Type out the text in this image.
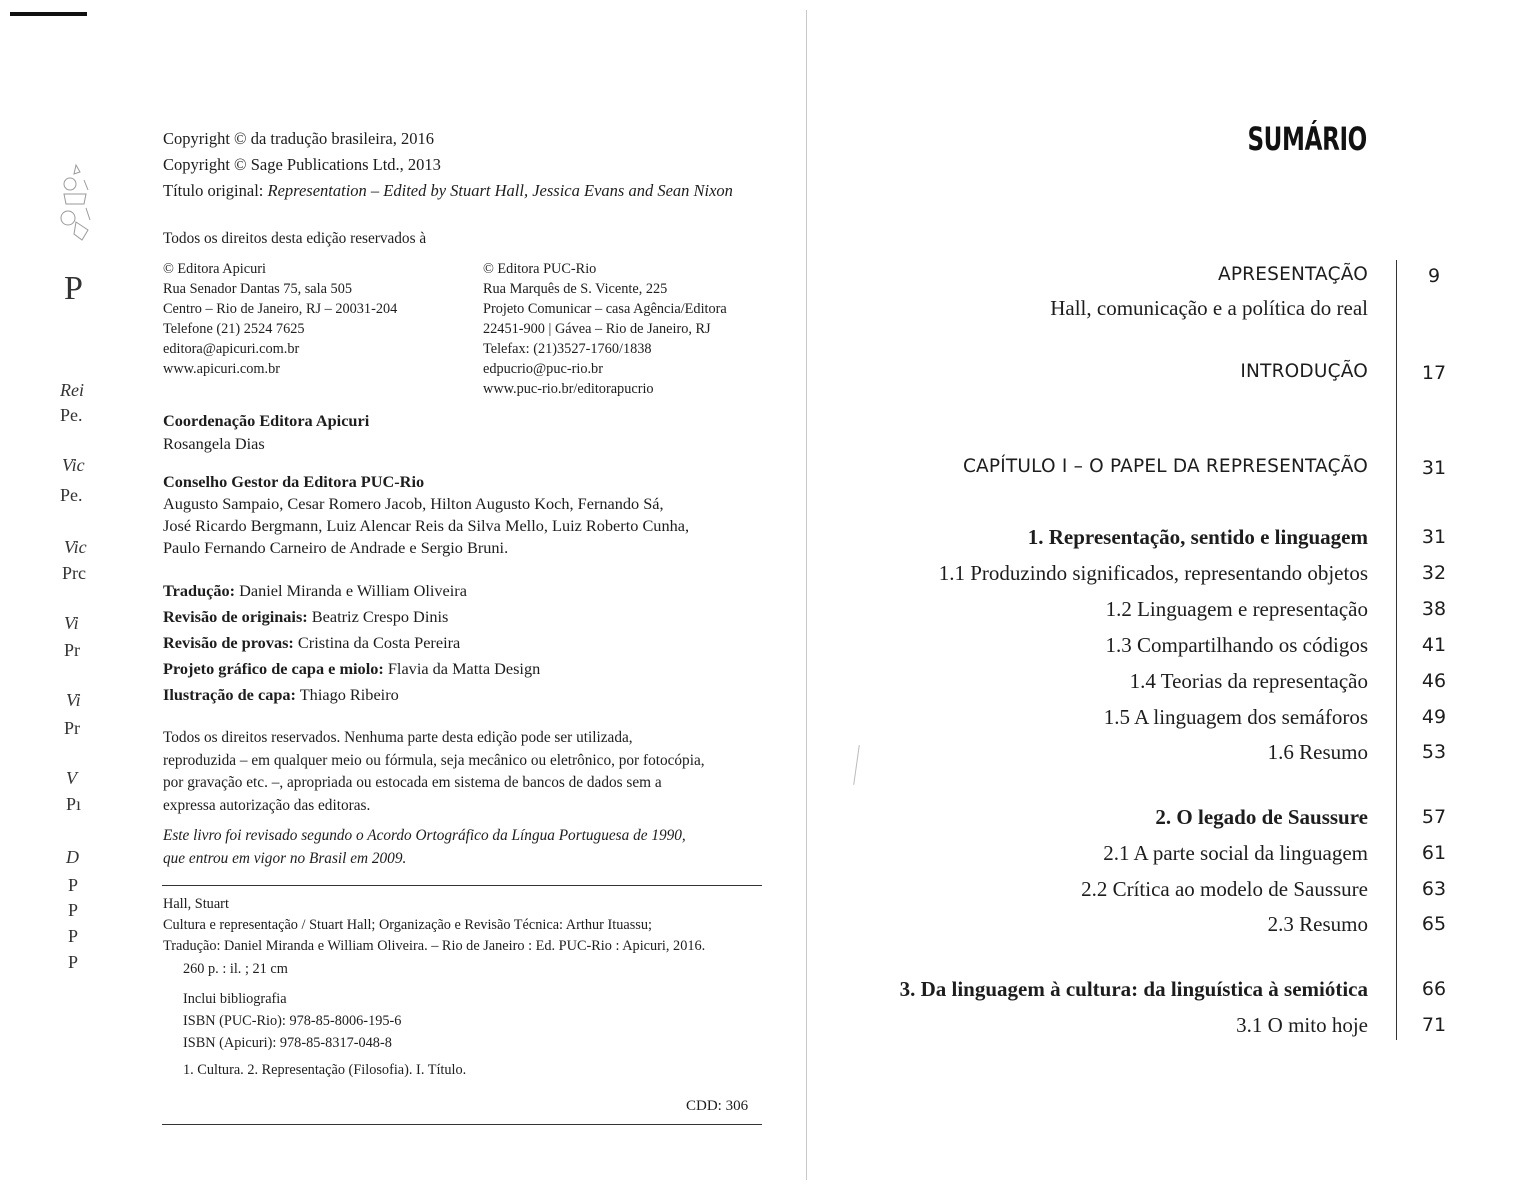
P
Rei
Pe.
Vic
Pe.
Vic
Prc
Vi
Pr
Vi
Pr
V
Pı
D
P
P
P
P
Copyright © da tradução brasileira, 2016
Copyright © Sage Publications Ltd., 2013
Título original: Representation – Edited by Stuart Hall, Jessica Evans and Sean Nixon
Todos os direitos desta edição reservados à
© Editora Apicuri
Rua Senador Dantas 75, sala 505
Centro – Rio de Janeiro, RJ – 20031-204
Telefone (21) 2524 7625
editora@apicuri.com.br
www.apicuri.com.br
© Editora PUC-Rio
Rua Marquês de S. Vicente, 225
Projeto Comunicar – casa Agência/Editora
22451-900 | Gávea – Rio de Janeiro, RJ
Telefax: (21)3527-1760/1838
edpucrio@puc-rio.br
www.puc-rio.br/editorapucrio
Coordenação Editora Apicuri
Rosangela Dias
Conselho Gestor da Editora PUC-Rio
Augusto Sampaio, Cesar Romero Jacob, Hilton Augusto Koch, Fernando Sá,
José Ricardo Bergmann, Luiz Alencar Reis da Silva Mello, Luiz Roberto Cunha,
Paulo Fernando Carneiro de Andrade e Sergio Bruni.
Tradução: Daniel Miranda e William Oliveira
Revisão de originais: Beatriz Crespo Dinis
Revisão de provas: Cristina da Costa Pereira
Projeto gráfico de capa e miolo: Flavia da Matta Design
Ilustração de capa: Thiago Ribeiro
Todos os direitos reservados. Nenhuma parte desta edição pode ser utilizada,
reproduzida – em qualquer meio ou fórmula, seja mecânico ou eletrônico, por fotocópia,
por gravação etc. –, apropriada ou estocada em sistema de bancos de dados sem a
expressa autorização das editoras.
Este livro foi revisado segundo o Acordo Ortográfico da Língua Portuguesa de 1990,
que entrou em vigor no Brasil em 2009.
Hall, Stuart
Cultura e representação / Stuart Hall; Organização e Revisão Técnica: Arthur Ituassu;
Tradução: Daniel Miranda e William Oliveira. – Rio de Janeiro : Ed. PUC-Rio : Apicuri, 2016.
260 p. : il. ; 21 cm
Inclui bibliografia
ISBN (PUC-Rio): 978-85-8006-195-6
ISBN (Apicuri): 978-85-8317-048-8
1. Cultura. 2. Representação (Filosofia). I. Título.
CDD: 306
SUMÁRIO
APRESENTAÇÃO	9
Hall, comunicação e a política do real
INTRODUÇÃO	17
CAPÍTULO I – O PAPEL DA REPRESENTAÇÃO	31
1. Representação, sentido e linguagem	31
1.1 Produzindo significados, representando objetos	32
1.2 Linguagem e representação	38
1.3 Compartilhando os códigos	41
1.4 Teorias da representação	46
1.5 A linguagem dos semáforos	49
1.6 Resumo	53
2. O legado de Saussure	57
2.1 A parte social da linguagem	61
2.2 Crítica ao modelo de Saussure	63
2.3 Resumo	65
3. Da linguagem à cultura: da linguística à semiótica	66
3.1 O mito hoje	71
